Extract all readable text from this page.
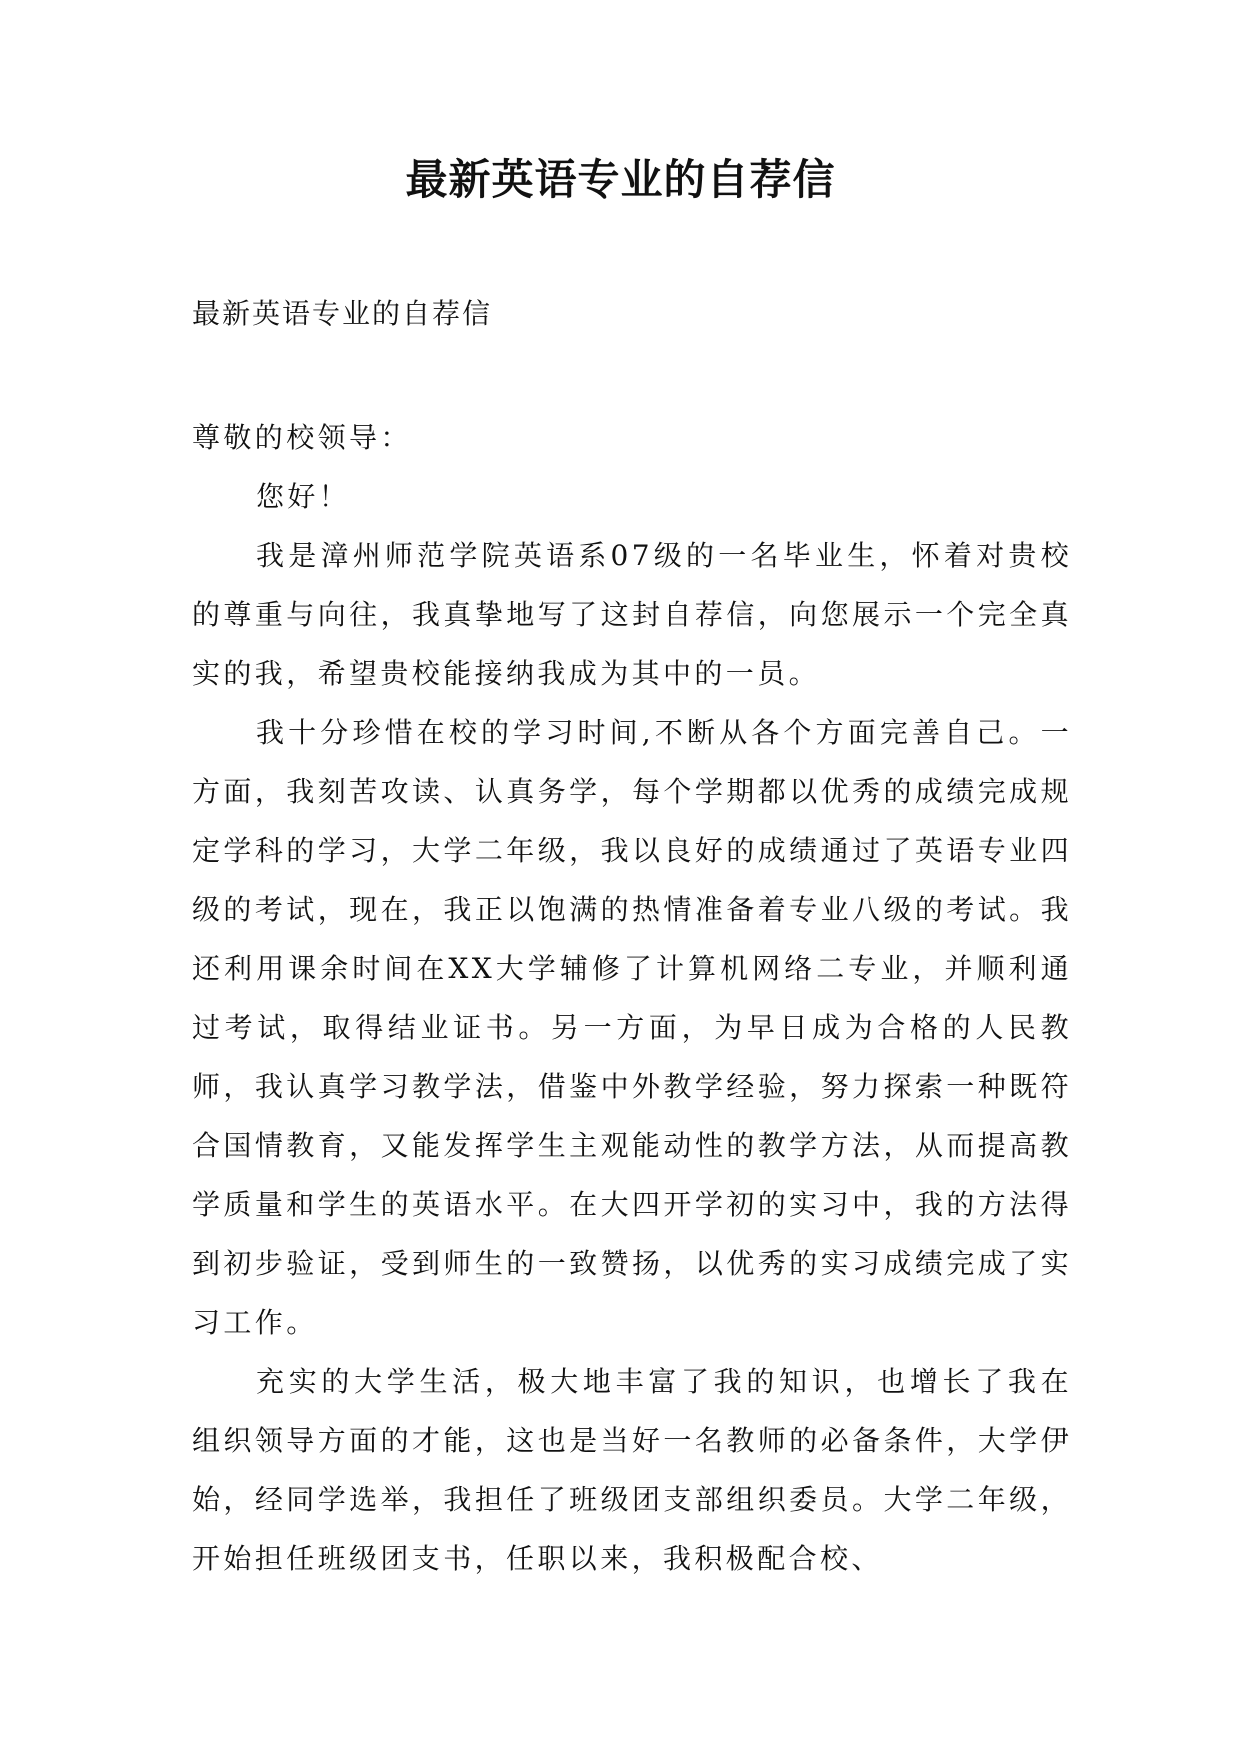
最新英语专业的自荐信

最新英语专业的自荐信

尊敬的校领导：

您好！

我是漳州师范学院英语系07级的一名毕业生，怀着对贵校的尊重与向往，我真挚地写了这封自荐信，向您展示一个完全真实的我，希望贵校能接纳我成为其中的一员。

我十分珍惜在校的学习时间,不断从各个方面完善自己。一方面，我刻苦攻读、认真务学，每个学期都以优秀的成绩完成规定学科的学习，大学二年级，我以良好的成绩通过了英语专业四级的考试，现在，我正以饱满的热情准备着专业八级的考试。我还利用课余时间在XX大学辅修了计算机网络二专业，并顺利通过考试，取得结业证书。另一方面，为早日成为合格的人民教师，我认真学习教学法，借鉴中外教学经验，努力探索一种既符合国情教育，又能发挥学生主观能动性的教学方法，从而提高教学质量和学生的英语水平。在大四开学初的实习中，我的方法得到初步验证，受到师生的一致赞扬，以优秀的实习成绩完成了实习工作。

充实的大学生活，极大地丰富了我的知识，也增长了我在组织领导方面的才能，这也是当好一名教师的必备条件，大学伊始，经同学选举，我担任了班级团支部组织委员。大学二年级，开始担任班级团支书，任职以来，我积极配合校、
